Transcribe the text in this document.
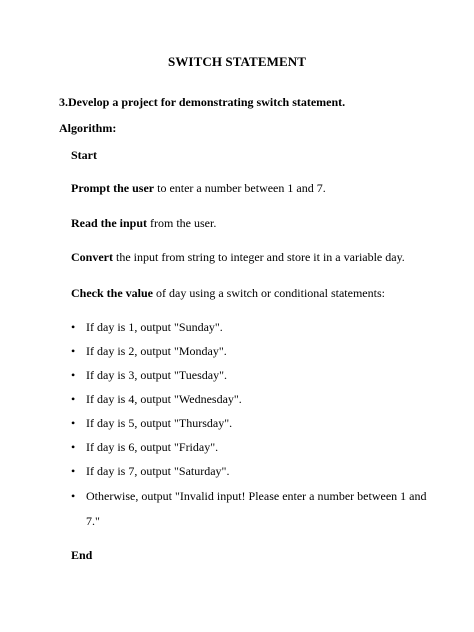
SWITCH STATEMENT
3.Develop a project for demonstrating switch statement.
Algorithm:
Start
Prompt the user to enter a number between 1 and 7.
Read the input from the user.
Convert the input from string to integer and store it in a variable day.
Check the value of day using a switch or conditional statements:
• If day is 1, output "Sunday".
• If day is 2, output "Monday".
• If day is 3, output "Tuesday".
• If day is 4, output "Wednesday".
• If day is 5, output "Thursday".
• If day is 6, output "Friday".
• If day is 7, output "Saturday".
• Otherwise, output "Invalid input! Please enter a number between 1 and
7."
End
